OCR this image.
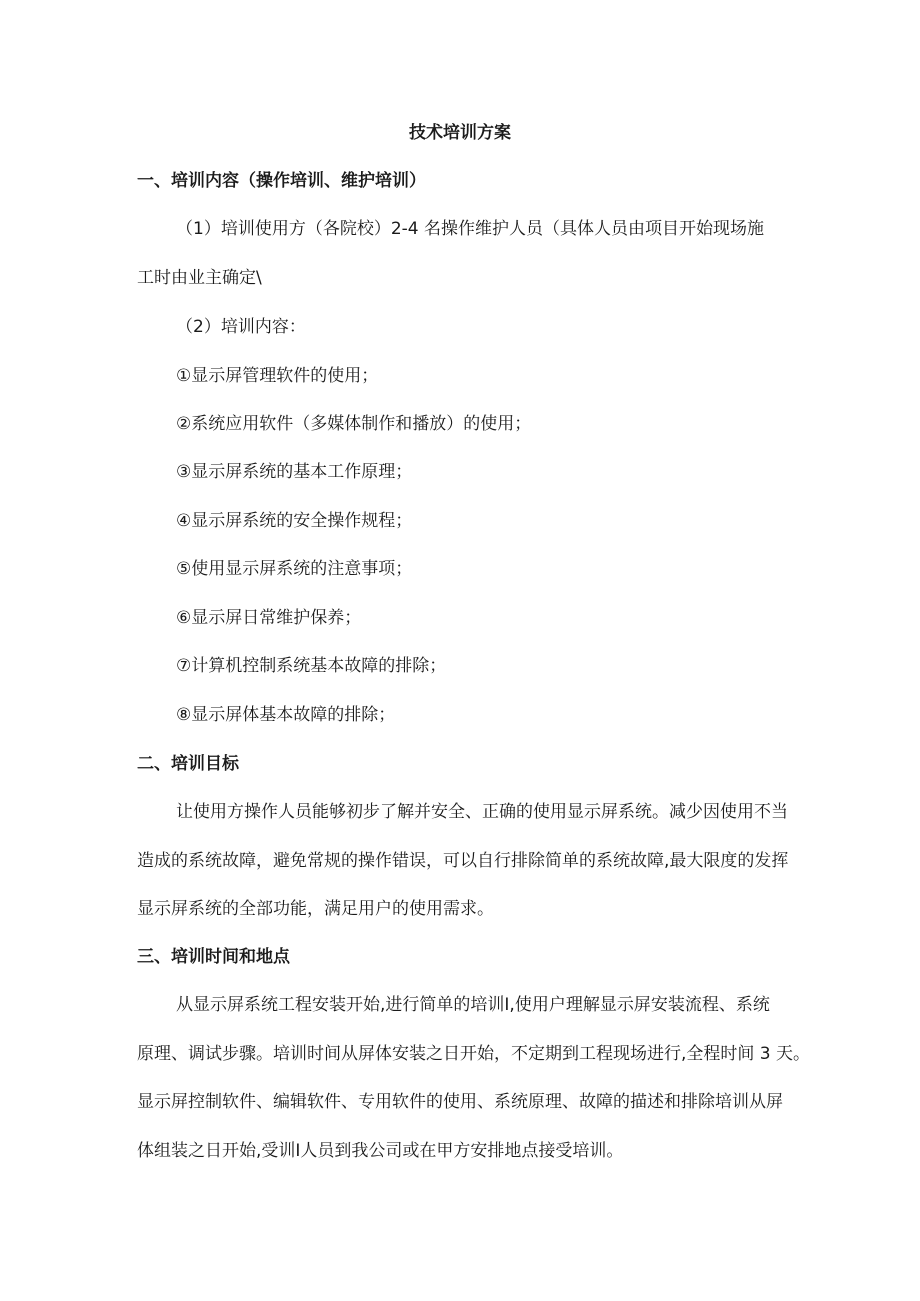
技术培训方案
一、培训内容（操作培训、维护培训）
（1）培训使用方（各院校）2-4 名操作维护人员（具体人员由项目开始现场施
工时由业主确定\
（2）培训内容：
①显示屏管理软件的使用；
②系统应用软件（多媒体制作和播放）的使用；
③显示屏系统的基本工作原理；
④显示屏系统的安全操作规程；
⑤使用显示屏系统的注意事项；
⑥显示屏日常维护保养；
⑦计算机控制系统基本故障的排除；
⑧显示屏体基本故障的排除；
二、培训目标
让使用方操作人员能够初步了解并安全、正确的使用显示屏系统。减少因使用不当
造成的系统故障，避免常规的操作错误，可以自行排除简单的系统故障,最大限度的发挥
显示屏系统的全部功能，满足用户的使用需求。
三、培训时间和地点
从显示屏系统工程安装开始,进行简单的培训Ⅰ,使用户理解显示屏安装流程、系统
原理、调试步骤。培训时间从屏体安装之日开始，不定期到工程现场进行,全程时间 3 天。
显示屏控制软件、编辑软件、专用软件的使用、系统原理、故障的描述和排除培训从屏
体组装之日开始,受训Ⅰ人员到我公司或在甲方安排地点接受培训。
